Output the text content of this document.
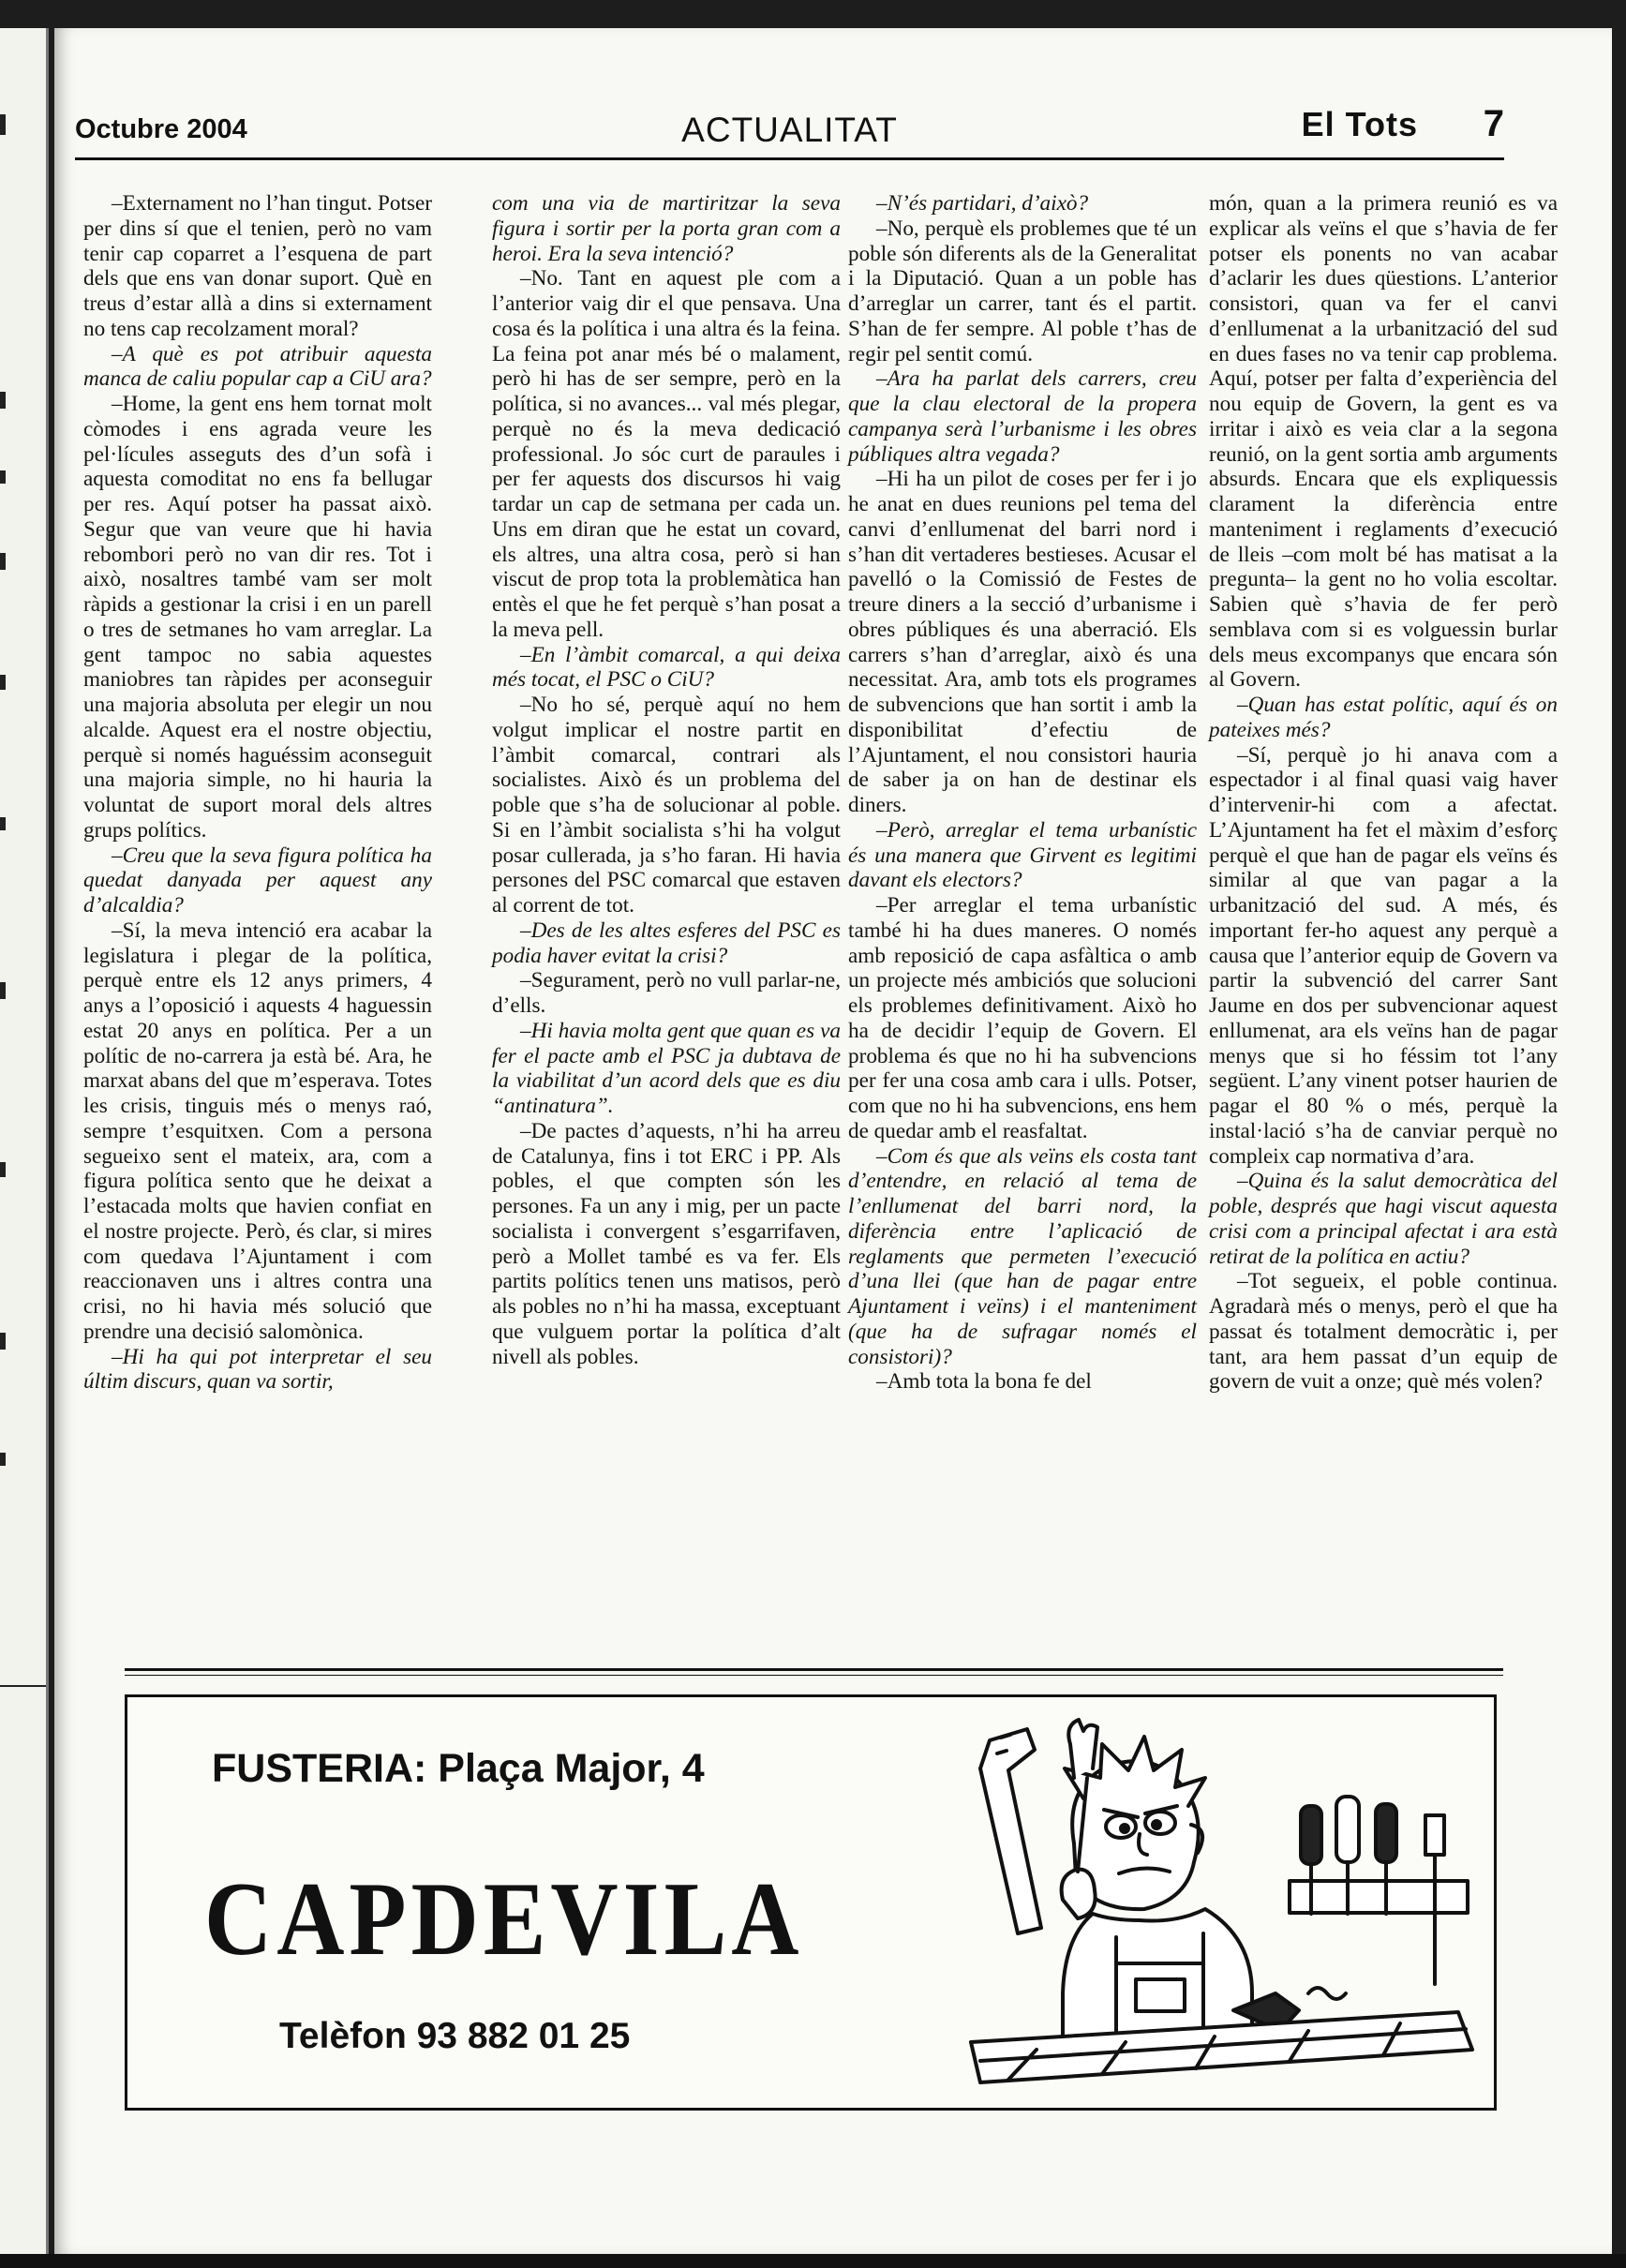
Octubre 2004	ACTUALITAT	El Tots 7

–Externament no l’han tingut. Potser per dins sí que el tenien, però no vam tenir cap coparret a l’esquena de part dels que ens van donar suport. Què en treus d’estar allà a dins si externament no tens cap recolzament moral?

–A què es pot atribuir aquesta manca de caliu popular cap a CiU ara?

–Home, la gent ens hem tornat molt còmodes i ens agrada veure les pel·lícules asseguts des d’un sofà i aquesta comoditat no ens fa bellugar per res. Aquí potser ha passat això. Segur que van veure que hi havia rebombori però no van dir res. Tot i això, nosaltres també vam ser molt ràpids a gestionar la crisi i en un parell o tres de setmanes ho vam arreglar. La gent tampoc no sabia aquestes maniobres tan ràpides per aconseguir una majoria absoluta per elegir un nou alcalde. Aquest era el nostre objectiu, perquè si només haguéssim aconseguit una majoria simple, no hi hauria la voluntat de suport moral dels altres grups polítics.

–Creu que la seva figura política ha quedat danyada per aquest any d’alcaldia?

–Sí, la meva intenció era acabar la legislatura i plegar de la política, perquè entre els 12 anys primers, 4 anys a l’oposició i aquests 4 haguessin estat 20 anys en política. Per a un polític de no-carrera ja està bé. Ara, he marxat abans del que m’esperava. Totes les crisis, tinguis més o menys raó, sempre t’esquitxen. Com a persona segueixo sent el mateix, ara, com a figura política sento que he deixat a l’estacada molts que havien confiat en el nostre projecte. Però, és clar, si mires com quedava l’Ajuntament i com reaccionaven uns i altres contra una crisi, no hi havia més solució que prendre una decisió salomònica.

–Hi ha qui pot interpretar el seu últim discurs, quan va sortir,

com una via de martiritzar la seva figura i sortir per la porta gran com a heroi. Era la seva intenció?

–No. Tant en aquest ple com a l’anterior vaig dir el que pensava. Una cosa és la política i una altra és la feina. La feina pot anar més bé o malament, però hi has de ser sempre, però en la política, si no avances... val més plegar, perquè no és la meva dedicació professional. Jo sóc curt de paraules i per fer aquests dos discursos hi vaig tardar un cap de setmana per cada un. Uns em diran que he estat un covard, els altres, una altra cosa, però si han viscut de prop tota la problemàtica han entès el que he fet perquè s’han posat a la meva pell.

–En l’àmbit comarcal, a qui deixa més tocat, el PSC o CiU?

–No ho sé, perquè aquí no hem volgut implicar el nostre partit en l’àmbit comarcal, contrari als socialistes. Això és un problema del poble que s’ha de solucionar al poble. Si en l’àmbit socialista s’hi ha volgut posar cullerada, ja s’ho faran. Hi havia persones del PSC comarcal que estaven al corrent de tot.

–Des de les altes esferes del PSC es podia haver evitat la crisi?

–Segurament, però no vull parlar-ne, d’ells.

–Hi havia molta gent que quan es va fer el pacte amb el PSC ja dubtava de la viabilitat d’un acord dels que es diu “antinatura”.

–De pactes d’aquests, n’hi ha arreu de Catalunya, fins i tot ERC i PP. Als pobles, el que compten són les persones. Fa un any i mig, per un pacte socialista i convergent s’esgarrifaven, però a Mollet també es va fer. Els partits polítics tenen uns matisos, però als pobles no n’hi ha massa, exceptuant que vulguem portar la política d’alt nivell als pobles.

–N’és partidari, d’això?

–No, perquè els problemes que té un poble són diferents als de la Generalitat i la Diputació. Quan a un poble has d’arreglar un carrer, tant és el partit. S’han de fer sempre. Al poble t’has de regir pel sentit comú.

–Ara ha parlat dels carrers, creu que la clau electoral de la propera campanya serà l’urbanisme i les obres públiques altra vegada?

–Hi ha un pilot de coses per fer i jo he anat en dues reunions pel tema del canvi d’enllumenat del barri nord i s’han dit vertaderes bestieses. Acusar el pavelló o la Comissió de Festes de treure diners a la secció d’urbanisme i obres públiques és una aberració. Els carrers s’han d’arreglar, això és una necessitat. Ara, amb tots els programes de subvencions que han sortit i amb la disponibilitat d’efectiu de l’Ajuntament, el nou consistori hauria de saber ja on han de destinar els diners.

–Però, arreglar el tema urbanístic és una manera que Girvent es legitimi davant els electors?

–Per arreglar el tema urbanístic també hi ha dues maneres. O només amb reposició de capa asfàltica o amb un projecte més ambiciós que solucioni els problemes definitivament. Això ho ha de decidir l’equip de Govern. El problema és que no hi ha subvencions per fer una cosa amb cara i ulls. Potser, com que no hi ha subvencions, ens hem de quedar amb el reasfaltat.

–Com és que als veïns els costa tant d’entendre, en relació al tema de l’enllumenat del barri nord, la diferència entre l’aplicació de reglaments que permeten l’execució d’una llei (que han de pagar entre Ajuntament i veïns) i el manteniment (que ha de sufragar només el consistori)?

–Amb tota la bona fe del

món, quan a la primera reunió es va explicar als veïns el que s’havia de fer potser els ponents no van acabar d’aclarir les dues qüestions. L’anterior consistori, quan va fer el canvi d’enllumenat a la urbanització del sud en dues fases no va tenir cap problema. Aquí, potser per falta d’experiència del nou equip de Govern, la gent es va irritar i això es veia clar a la segona reunió, on la gent sortia amb arguments absurds. Encara que els expliquessis clarament la diferència entre manteniment i reglaments d’execució de lleis –com molt bé has matisat a la pregunta– la gent no ho volia escoltar. Sabien què s’havia de fer però semblava com si es volguessin burlar dels meus excompanys que encara són al Govern.

–Quan has estat polític, aquí és on pateixes més?

–Sí, perquè jo hi anava com a espectador i al final quasi vaig haver d’intervenir-hi com a afectat. L’Ajuntament ha fet el màxim d’esforç perquè el que han de pagar els veïns és similar al que van pagar a la urbanització del sud. A més, és important fer-ho aquest any perquè a causa que l’anterior equip de Govern va partir la subvenció del carrer Sant Jaume en dos per subvencionar aquest enllumenat, ara els veïns han de pagar menys que si ho féssim tot l’any següent. L’any vinent potser haurien de pagar el 80 % o més, perquè la instal·lació s’ha de canviar perquè no compleix cap normativa d’ara.

–Quina és la salut democràtica del poble, després que hagi viscut aquesta crisi com a principal afectat i ara està retirat de la política en actiu?

–Tot segueix, el poble continua. Agradarà més o menys, però el que ha passat és totalment democràtic i, per tant, ara hem passat d’un equip de govern de vuit a onze; què més volen?

FUSTERIA: Plaça Major, 4
CAPDEVILA
Telèfon 93 882 01 25
